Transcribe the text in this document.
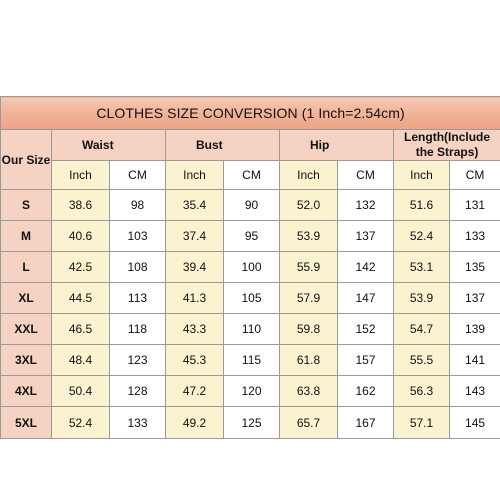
CLOTHES SIZE CONVERSION (1 Inch=2.54cm)								
Our Size	Waist		Bust		Hip		Length(Include the Straps)	
	Inch	CM	Inch	CM	Inch	CM	Inch	CM
S	38.6	98	35.4	90	52.0	132	51.6	131
M	40.6	103	37.4	95	53.9	137	52.4	133
L	42.5	108	39.4	100	55.9	142	53.1	135
XL	44.5	113	41.3	105	57.9	147	53.9	137
XXL	46.5	118	43.3	110	59.8	152	54.7	139
3XL	48.4	123	45.3	115	61.8	157	55.5	141
4XL	50.4	128	47.2	120	63.8	162	56.3	143
5XL	52.4	133	49.2	125	65.7	167	57.1	145
